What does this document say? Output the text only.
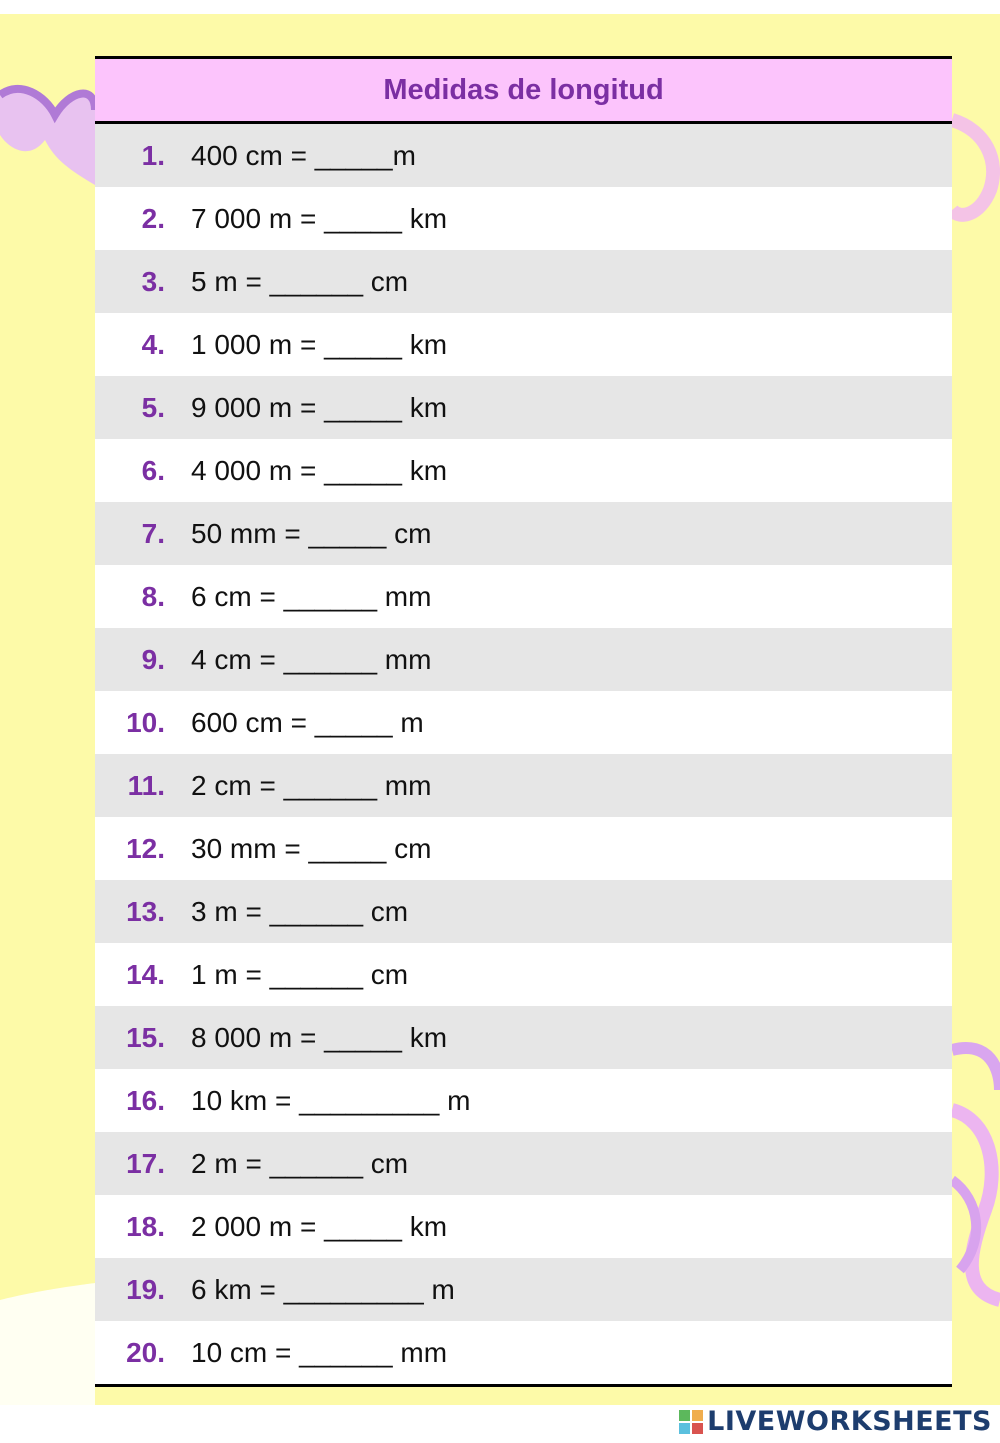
Medidas de longitud
1. 400 cm = _____m
2. 7 000 m = _____ km
3. 5 m = ______ cm
4. 1 000 m = _____ km
5. 9 000 m = _____ km
6. 4 000 m = _____ km
7. 50 mm = _____ cm
8. 6 cm = ______ mm
9. 4 cm = ______ mm
10. 600 cm = _____ m
11. 2 cm = ______ mm
12. 30 mm = _____ cm
13. 3 m = ______ cm
14. 1 m = ______ cm
15. 8 000 m = _____ km
16. 10 km = _________ m
17. 2 m = ______ cm
18. 2 000 m = _____ km
19. 6 km = _________ m
20. 10 cm = ______ mm
LIVEWORKSHEETS
